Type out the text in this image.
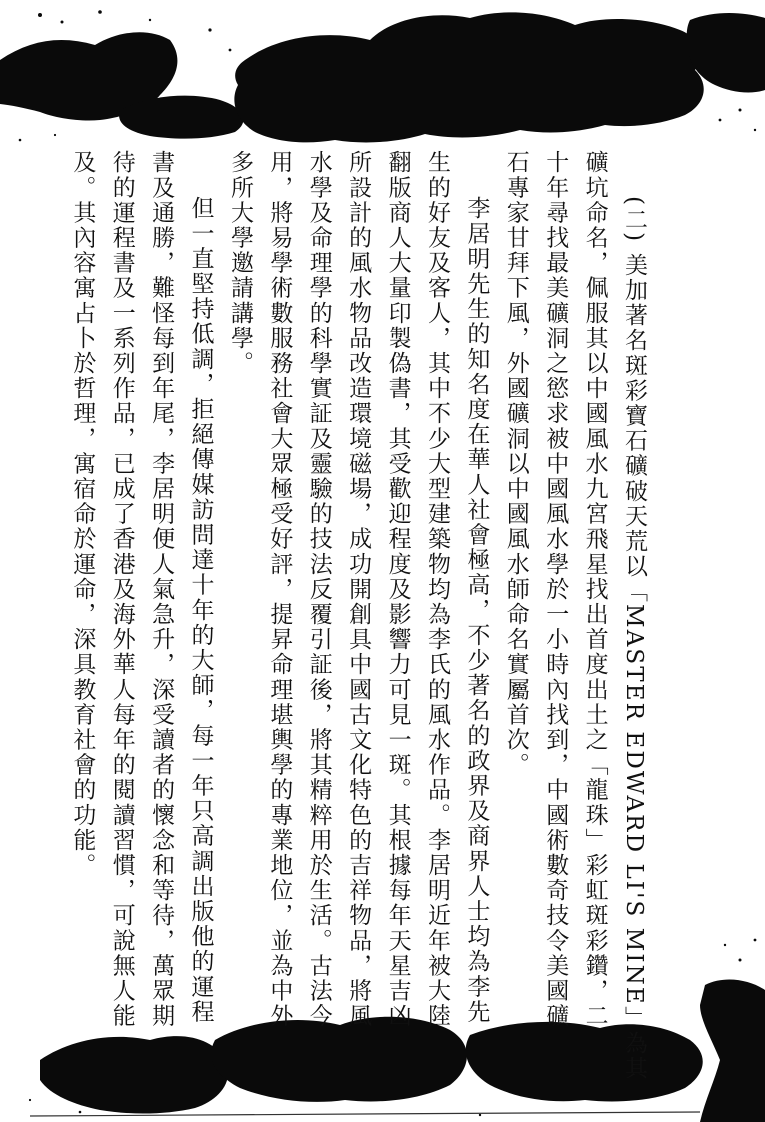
(二) 美加著名斑彩寶石礦破天荒以「MASTER EDWARD LI'S MINE」為其
礦坑命名，佩服其以中國風水九宮飛星找出首度出土之「龍珠」彩虹斑彩鑽，二
十年尋找最美礦洞之慾求被中國風水學於一小時內找到，中國術數奇技令美國礦
石專家甘拜下風，外國礦洞以中國風水師命名實屬首次。
李居明先生的知名度在華人社會極高，不少著名的政界及商界人士均為李先
生的好友及客人，其中不少大型建築物均為李氏的風水作品。李居明近年被大陸
翻版商人大量印製偽書，其受歡迎程度及影響力可見一斑。其根據每年天星吉凶
所設計的風水物品改造環境磁場，成功開創具中國古文化特色的吉祥物品，將風
水學及命理學的科學實証及靈驗的技法反覆引証後，將其精粹用於生活。古法今
用，將易學術數服務社會大眾極受好評，提昇命理堪輿學的專業地位，並為中外
多所大學邀請講學。
但一直堅持低調，拒絕傳媒訪問達十年的大師，每一年只高調出版他的運程
書及通勝，難怪每到年尾，李居明便人氣急升，深受讀者的懷念和等待，萬眾期
待的運程書及一系列作品，已成了香港及海外華人每年的閱讀習慣，可說無人能
及。其內容寓占卜於哲理，寓宿命於運命，深具教育社會的功能。
